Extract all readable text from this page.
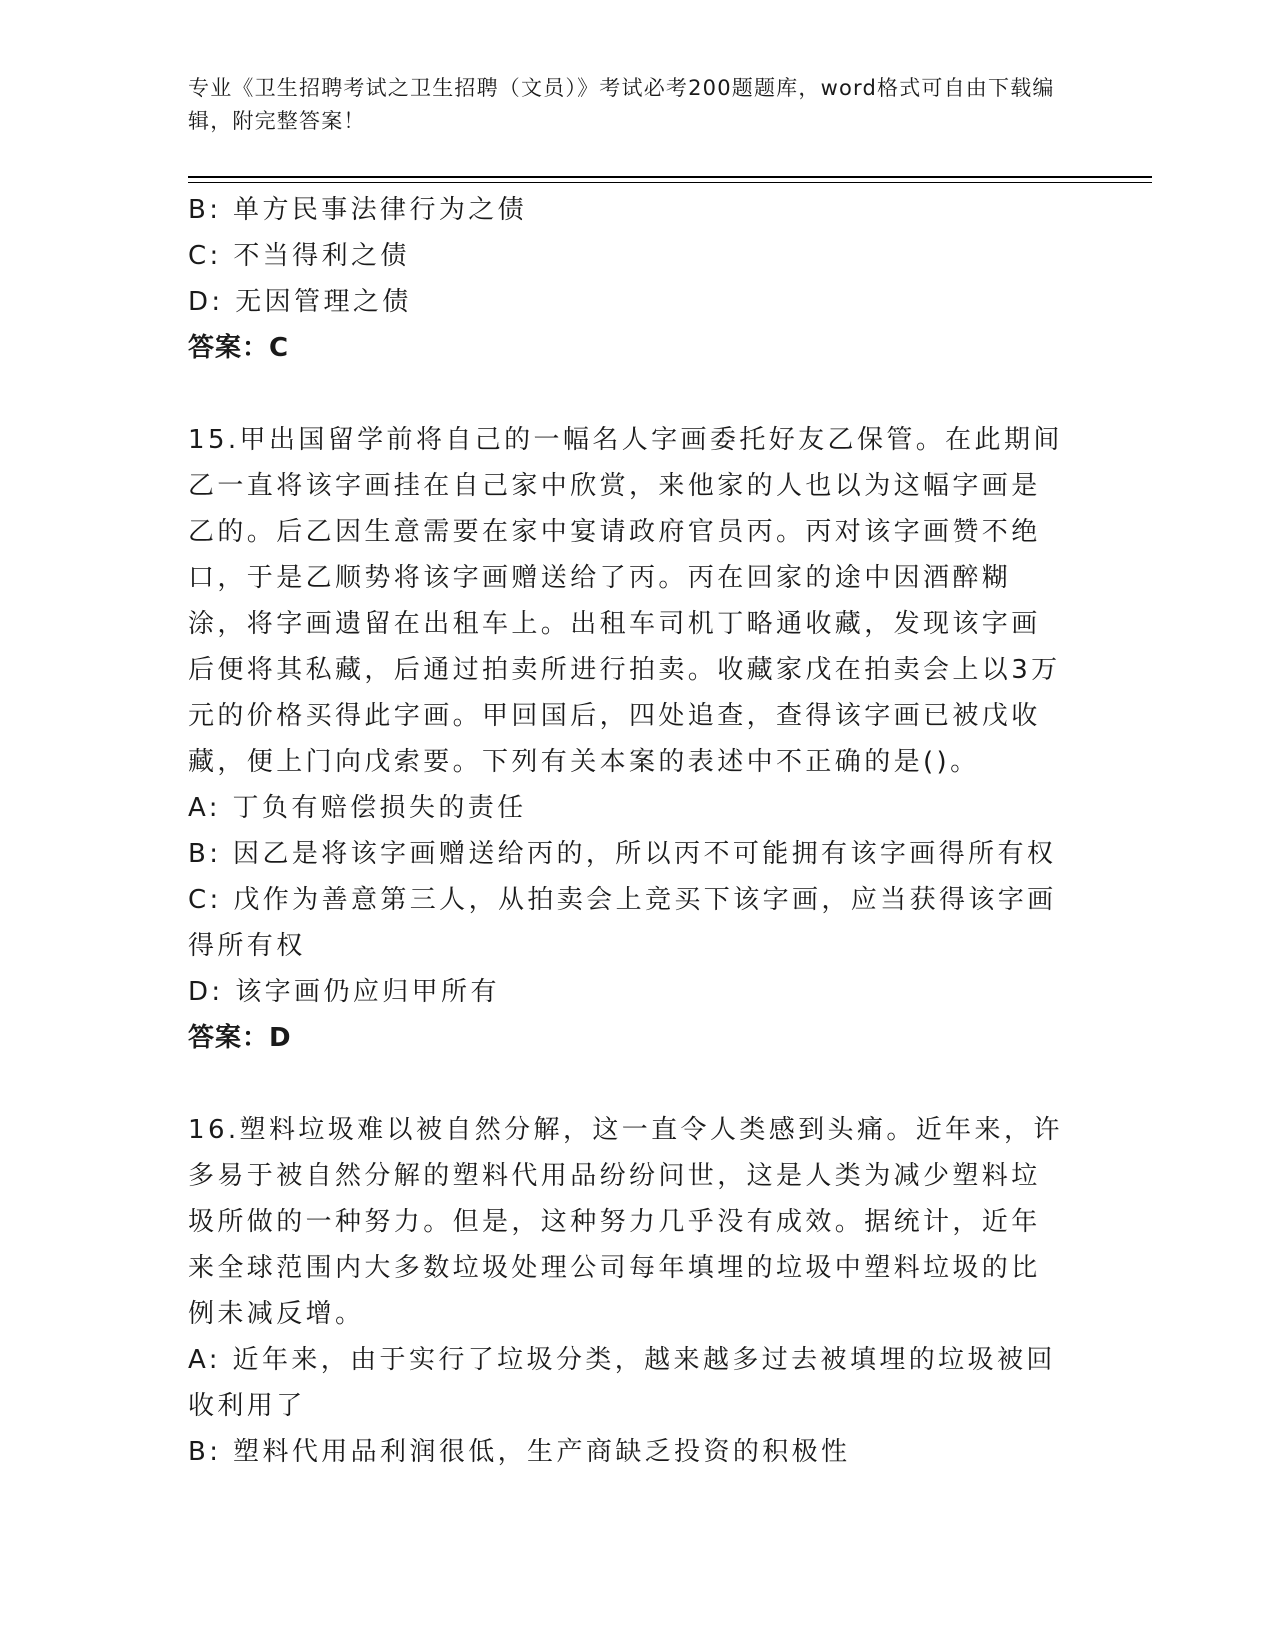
专业《卫生招聘考试之卫生招聘（文员）》考试必考200题题库，word格式可自由下载编辑，附完整答案！

B: 单方民事法律行为之债

C: 不当得利之债

D: 无因管理之债

答案：C

15.甲出国留学前将自己的一幅名人字画委托好友乙保管。在此期间乙一直将该字画挂在自己家中欣赏，来他家的人也以为这幅字画是乙的。后乙因生意需要在家中宴请政府官员丙。丙对该字画赞不绝口，于是乙顺势将该字画赠送给了丙。丙在回家的途中因酒醉糊涂，将字画遗留在出租车上。出租车司机丁略通收藏，发现该字画后便将其私藏，后通过拍卖所进行拍卖。收藏家戊在拍卖会上以3万元的价格买得此字画。甲回国后，四处追查，查得该字画已被戊收藏，便上门向戊索要。下列有关本案的表述中不正确的是()。

A: 丁负有赔偿损失的责任

B: 因乙是将该字画赠送给丙的，所以丙不可能拥有该字画得所有权

C: 戊作为善意第三人，从拍卖会上竞买下该字画，应当获得该字画得所有权

D: 该字画仍应归甲所有

答案：D

16.塑料垃圾难以被自然分解，这一直令人类感到头痛。近年来，许多易于被自然分解的塑料代用品纷纷问世，这是人类为减少塑料垃圾所做的一种努力。但是，这种努力几乎没有成效。据统计，近年来全球范围内大多数垃圾处理公司每年填埋的垃圾中塑料垃圾的比例未减反增。

A: 近年来，由于实行了垃圾分类，越来越多过去被填埋的垃圾被回收利用了

B: 塑料代用品利润很低，生产商缺乏投资的积极性
